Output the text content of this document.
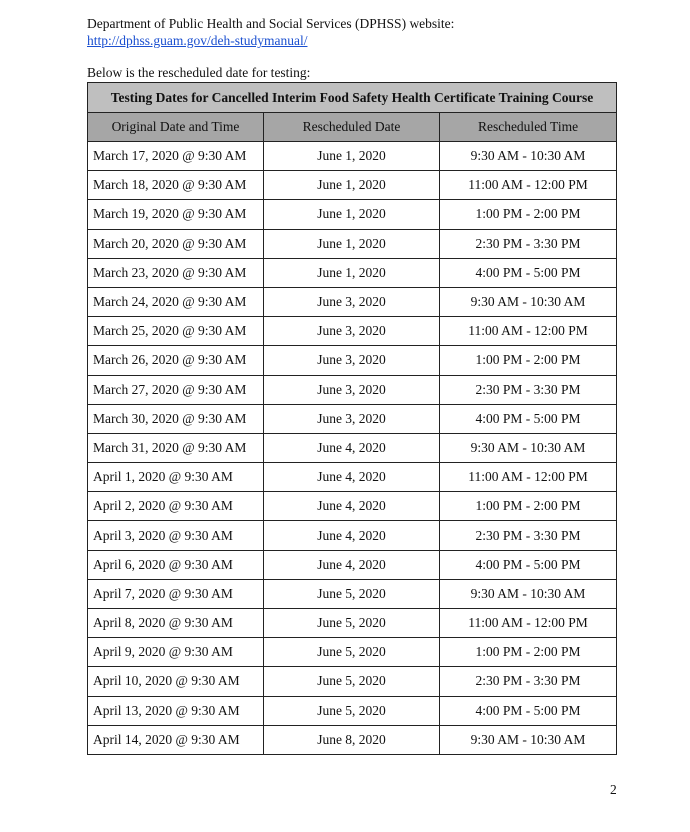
Department of Public Health and Social Services (DPHSS) website:
http://dphss.guam.gov/deh-studymanual/
Below is the rescheduled date for testing:
Testing Dates for Cancelled Interim Food Safety Health Certificate Training Course		
Original Date and Time	Rescheduled Date	Rescheduled Time
March 17, 2020 @ 9:30 AM	June 1, 2020	9:30 AM - 10:30 AM
March 18, 2020 @ 9:30 AM	June 1, 2020	11:00 AM - 12:00 PM
March 19, 2020 @ 9:30 AM	June 1, 2020	1:00 PM - 2:00 PM
March 20, 2020 @ 9:30 AM	June 1, 2020	2:30 PM - 3:30 PM
March 23, 2020 @ 9:30 AM	June 1, 2020	4:00 PM - 5:00 PM
March 24, 2020 @ 9:30 AM	June 3, 2020	9:30 AM - 10:30 AM
March 25, 2020 @ 9:30 AM	June 3, 2020	11:00 AM - 12:00 PM
March 26, 2020 @ 9:30 AM	June 3, 2020	1:00 PM - 2:00 PM
March 27, 2020 @ 9:30 AM	June 3, 2020	2:30 PM - 3:30 PM
March 30, 2020 @ 9:30 AM	June 3, 2020	4:00 PM - 5:00 PM
March 31, 2020 @ 9:30 AM	June 4, 2020	9:30 AM - 10:30 AM
April 1, 2020 @ 9:30 AM	June 4, 2020	11:00 AM - 12:00 PM
April 2, 2020 @ 9:30 AM	June 4, 2020	1:00 PM - 2:00 PM
April 3, 2020 @ 9:30 AM	June 4, 2020	2:30 PM - 3:30 PM
April 6, 2020 @ 9:30 AM	June 4, 2020	4:00 PM - 5:00 PM
April 7, 2020 @ 9:30 AM	June 5, 2020	9:30 AM - 10:30 AM
April 8, 2020 @ 9:30 AM	June 5, 2020	11:00 AM - 12:00 PM
April 9, 2020 @ 9:30 AM	June 5, 2020	1:00 PM - 2:00 PM
April 10, 2020 @ 9:30 AM	June 5, 2020	2:30 PM - 3:30 PM
April 13, 2020 @ 9:30 AM	June 5, 2020	4:00 PM - 5:00 PM
April 14, 2020 @ 9:30 AM	June 8, 2020	9:30 AM - 10:30 AM
2
